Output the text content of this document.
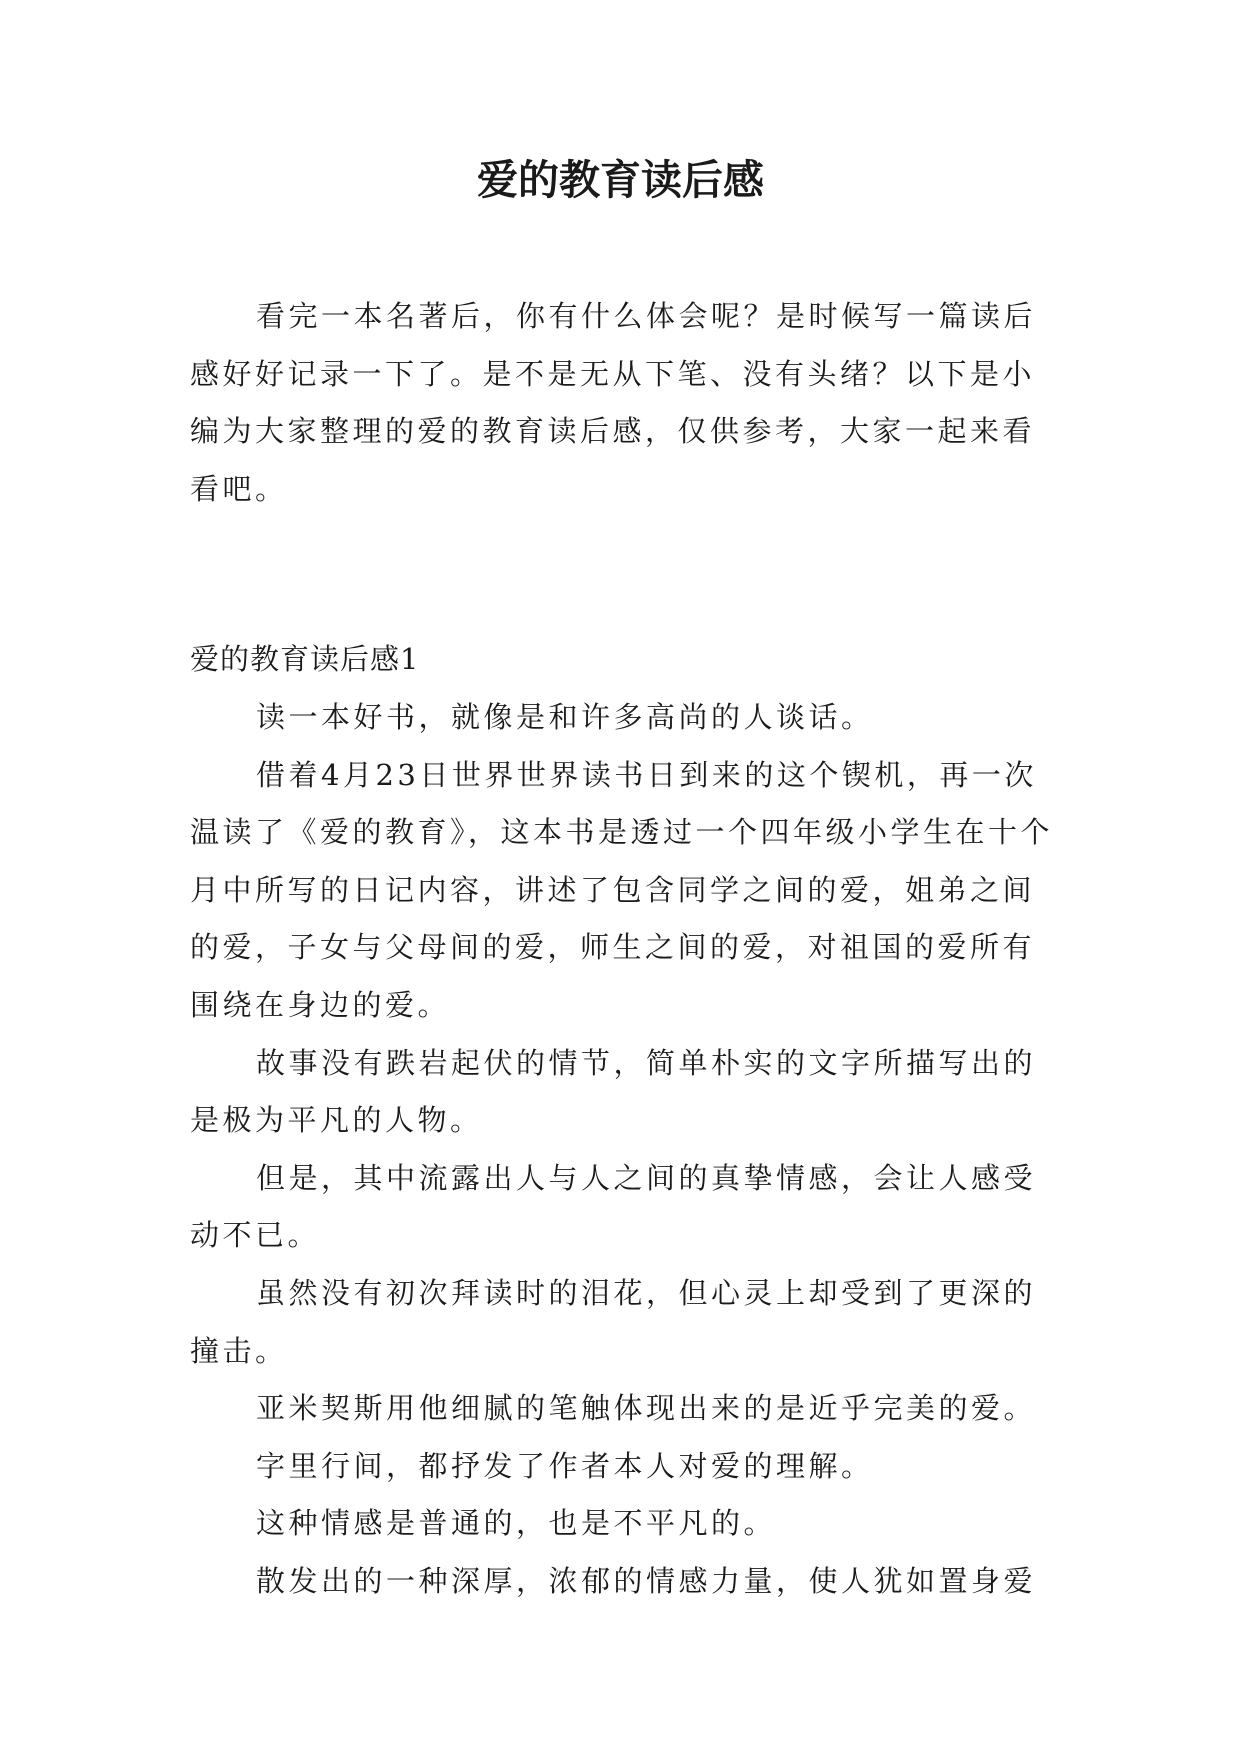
爱的教育读后感

看完一本名著后，你有什么体会呢？是时候写一篇读后感好好记录一下了。是不是无从下笔、没有头绪？以下是小编为大家整理的爱的教育读后感，仅供参考，大家一起来看看吧。

爱的教育读后感1

读一本好书，就像是和许多高尚的人谈话。

借着4月23日世界世界读书日到来的这个锲机，再一次温读了《爱的教育》，这本书是透过一个四年级小学生在十个月中所写的日记内容，讲述了包含同学之间的爱，姐弟之间的爱，子女与父母间的爱，师生之间的爱，对祖国的爱所有围绕在身边的爱。

故事没有跌岩起伏的情节，简单朴实的文字所描写出的是极为平凡的人物。

但是，其中流露出人与人之间的真挚情感，会让人感受动不已。

虽然没有初次拜读时的泪花，但心灵上却受到了更深的撞击。

亚米契斯用他细腻的笔触体现出来的是近乎完美的爱。

字里行间，都抒发了作者本人对爱的理解。

这种情感是普通的，也是不平凡的。

散发出的一种深厚，浓郁的情感力量，使人犹如置身爱
